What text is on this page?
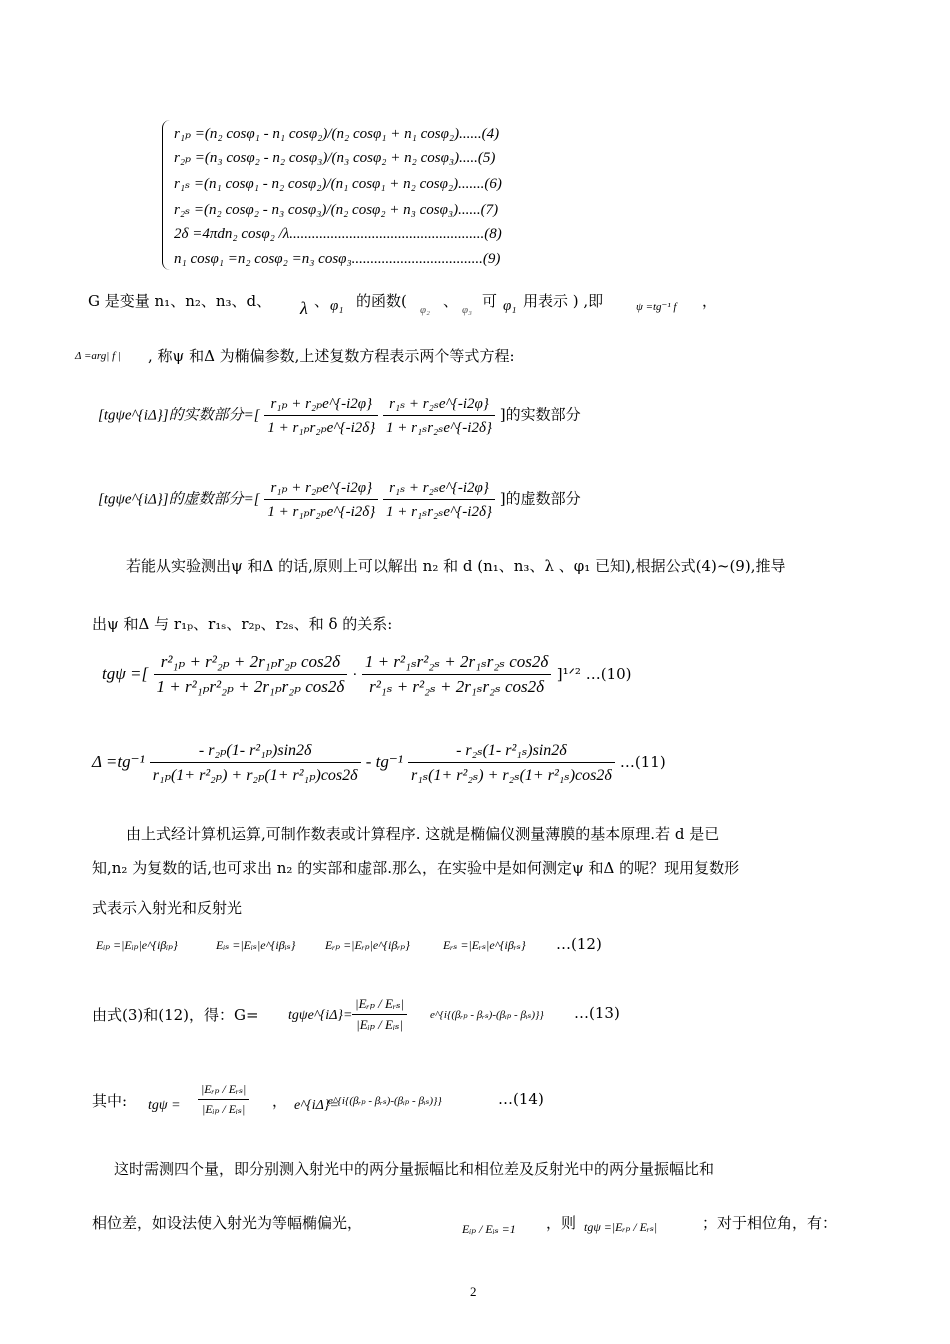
r₁ₚ =(n₂ cosφ₁ - n₁ cosφ₂)/(n₂ cosφ₁ + n₁ cosφ₂)......(4)
r₂ₚ =(n₃ cosφ₂ - n₂ cosφ₃)/(n₃ cosφ₂ + n₂ cosφ₃).....(5)
r₁ₛ =(n₁ cosφ₁ - n₂ cosφ₂)/(n₁ cosφ₁ + n₂ cosφ₂).......(6)
r₂ₛ =(n₂ cosφ₂ - n₃ cosφ₃)/(n₂ cosφ₂ + n₃ cosφ₃)......(7)
2δ =4πdn₂ cosφ₂ /λ....................................................(8)
n₁ cosφ₁ =n₂ cosφ₂ =n₃ cosφ₃...................................(9)
G 是变量 n₁、n₂、n₃、d、 λ 、 φ₁ 的函数( φ₂ 、 φ₃ 可 φ₁ 用表示 ) ,即	ψ =tg⁻¹ f ，
Δ =arg| f | , 称ψ 和Δ 为椭偏参数,上述复数方程表示两个等式方程:
[tgψe^{iΔ}]的实数部分=[ $\frac{\text{r₁ₚ + r₂ₚe\textasciicircum{}\{-i2φ\}}}{\text{1 + r₁ₚr₂ₚe\textasciicircum{}\{-i2δ\}}}$
$\frac{\text{r₁ₛ + r₂ₛe\textasciicircum{}\{-i2φ\}}}{\text{1 + r₁ₛr₂ₛe\textasciicircum{}\{-i2δ\}}}$ ]的实数部分
[tgψe^{iΔ}]的虚数部分=[ $\frac{\text{r₁ₚ + r₂ₚe\textasciicircum{}\{-i2φ\}}}{\text{1 + r₁ₚr₂ₚe\textasciicircum{}\{-i2δ\}}}$
$\frac{\text{r₁ₛ + r₂ₛe\textasciicircum{}\{-i2φ\}}}{\text{1 + r₁ₛr₂ₛe\textasciicircum{}\{-i2δ\}}}$ ]的虚数部分
若能从实验测出ψ 和Δ 的话,原则上可以解出 n₂ 和 d (n₁、n₃、λ 、φ₁ 已知),根据公式(4)~(9),推导
出ψ 和Δ 与 r₁ₚ、r₁ₛ、r₂ₚ、r₂ₛ、和 δ 的关系:
tgψ =[ $\frac{\text{r²₁ₚ + r²₂ₚ + 2r₁ₚr₂ₚ cos2δ}}{\text{1 + r²₁ₚr²₂ₚ + 2r₁ₚr₂ₚ cos2δ}} \cdot \frac{\text{1 + r²₁ₛr²₂ₛ + 2r₁ₛr₂ₛ cos2δ}}{\text{r²₁ₛ + r²₂ₛ + 2r₁ₛr₂ₛ cos2δ}}$ ]¹ᐟ² …(10)
$\Delta =tg^{-1} \frac{\text{- r₂ₚ(1- r²₁ₚ)sin2δ}}{\text{r₁ₚ(1+ r²₂ₚ) + r₂ₚ(1+ r²₁ₚ)cos2δ}} - tg^{-1} \frac{\text{- r₂ₛ(1- r²₁ₛ)sin2δ}}{\text{r₁ₛ(1+ r²₂ₛ) + r₂ₛ(1+ r²₁ₛ)cos2δ}}$ …(11)
由上式经计算机运算,可制作数表或计算程序. 这就是椭偏仪测量薄膜的基本原理.若 d 是已
知,n₂ 为复数的话,也可求出 n₂ 的实部和虚部.那么，在实验中是如何测定ψ 和Δ 的呢？现用复数形
式表示入射光和反射光
Eᵢₚ =|Eᵢₚ|e^{iβᵢₚ}	Eᵢₛ =|Eᵢₛ|e^{iβᵢₛ} Eᵣₚ =|Eᵣₚ|e^{iβᵣₚ}	Eᵣₛ =|Eᵣₛ|e^{iβᵣₛ} …(12)
由式(3)和(12)，得：G= tgψe^{iΔ}= $\frac{\text{|Eᵣₚ / Eᵣₛ|}}{\text{|Eᵢₚ / Eᵢₛ|}}$ e^{i{(βᵣₚ - βᵣₛ)-(βᵢₚ - βᵢₛ)}} …(13)
其中: $tg\psi = \frac{\text{|Eᵣₚ / Eᵣₛ|}}{\text{|Eᵢₚ / Eᵢₛ|}}$ ， e^{iΔ}=
e^{i{(βᵣₚ - βᵣₛ)-(βᵢₚ - βᵢₛ)}}	…(14)
这时需测四个量，即分别测入射光中的两分量振幅比和相位差及反射光中的两分量振幅比和
相位差，如设法使入射光为等幅椭偏光，	Eᵢₚ / Eᵢₛ =1 ，则 tgψ =|Eᵣₚ / Eᵣₛ|	；对于相位角，有：
2
